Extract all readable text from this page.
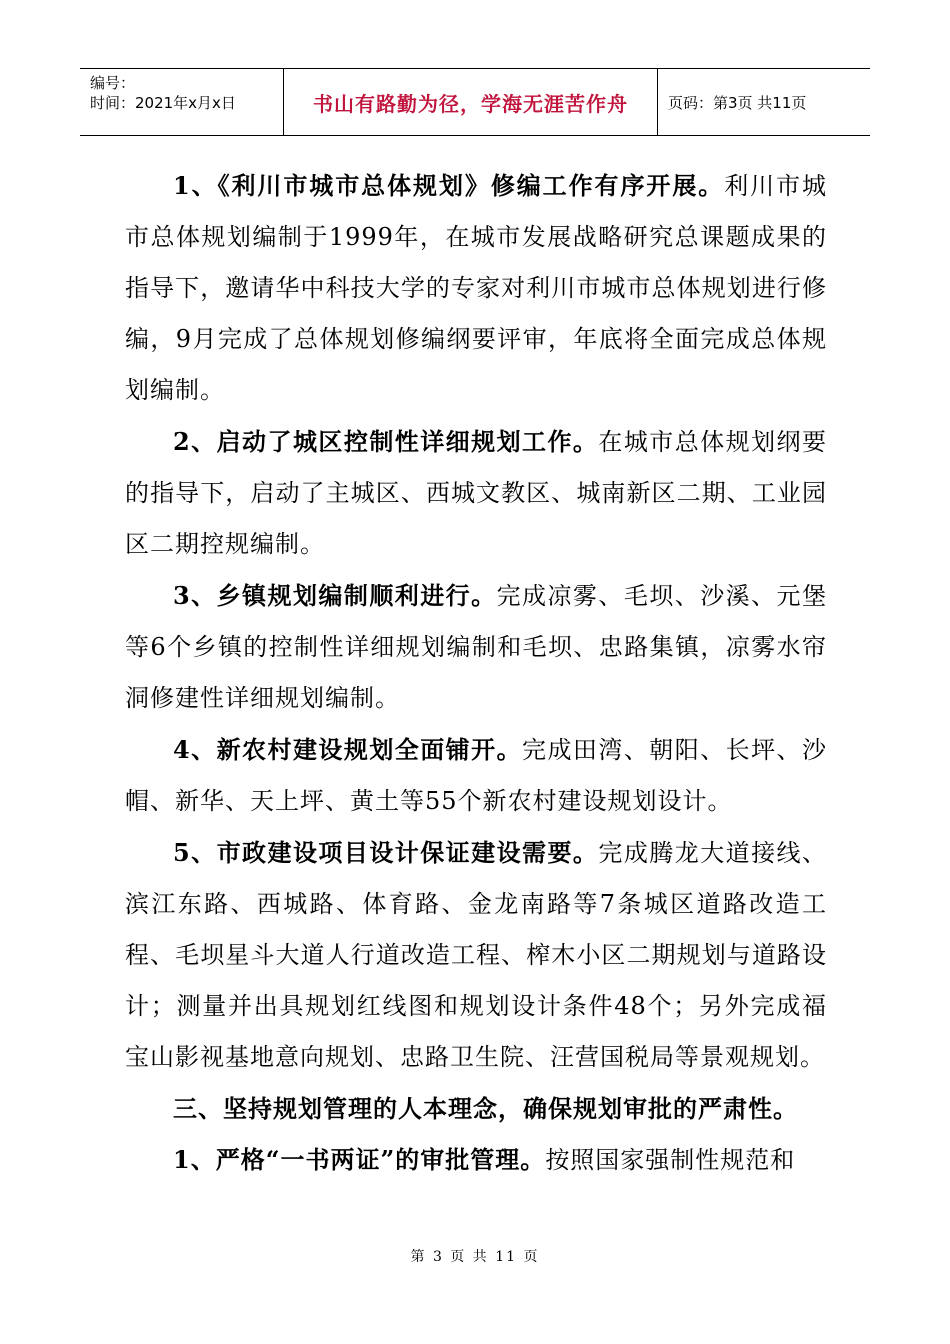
编号：
时间：2021年x月x日	书山有路勤为径，学海无涯苦作舟	页码：第3页 共11页

1、《利川市城市总体规划》修编工作有序开展。利川市城市总体规划编制于1999年，在城市发展战略研究总课题成果的指导下，邀请华中科技大学的专家对利川市城市总体规划进行修编，9月完成了总体规划修编纲要评审，年底将全面完成总体规划编制。

2、启动了城区控制性详细规划工作。在城市总体规划纲要的指导下，启动了主城区、西城文教区、城南新区二期、工业园区二期控规编制。

3、乡镇规划编制顺利进行。完成凉雾、毛坝、沙溪、元堡等6个乡镇的控制性详细规划编制和毛坝、忠路集镇，凉雾水帘洞修建性详细规划编制。

4、新农村建设规划全面铺开。完成田湾、朝阳、长坪、沙帽、新华、天上坪、黄土等55个新农村建设规划设计。

5、市政建设项目设计保证建设需要。完成腾龙大道接线、滨江东路、西城路、体育路、金龙南路等7条城区道路改造工程、毛坝星斗大道人行道改造工程、榨木小区二期规划与道路设计；测量并出具规划红线图和规划设计条件48个；另外完成福宝山影视基地意向规划、忠路卫生院、汪营国税局等景观规划。

三、坚持规划管理的人本理念，确保规划审批的严肃性。

1、严格“一书两证”的审批管理。按照国家强制性规范和

第 3 页 共 11 页
